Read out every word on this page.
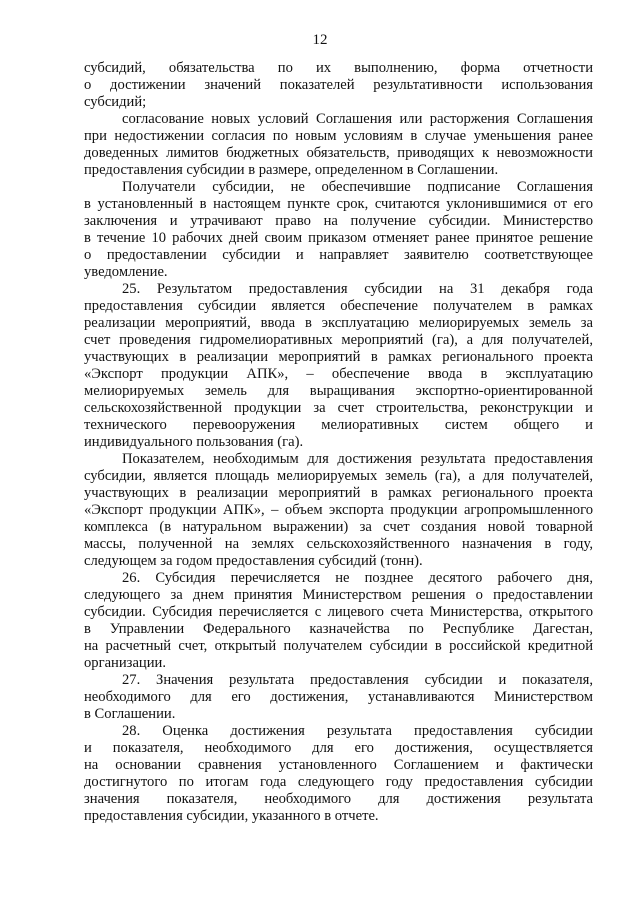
12

субсидий, обязательства по их выполнению, форма отчетности

о достижении значений показателей результативности использования

субсидий;

согласование новых условий Соглашения или расторжения Соглашения

при недостижении согласия по новым условиям в случае уменьшения ранее

доведенных лимитов бюджетных обязательств, приводящих к невозможности

предоставления субсидии в размере, определенном в Соглашении.

Получатели субсидии, не обеспечившие подписание Соглашения

в установленный в настоящем пункте срок, считаются уклонившимися от его

заключения и утрачивают право на получение субсидии. Министерство

в течение 10 рабочих дней своим приказом отменяет ранее принятое решение

о предоставлении субсидии и направляет заявителю соответствующее

уведомление.

25. Результатом предоставления субсидии на 31 декабря года

предоставления субсидии является обеспечение получателем в рамках

реализации мероприятий, ввода в эксплуатацию мелиорируемых земель за

счет проведения гидромелиоративных мероприятий (га), а для получателей,

участвующих в реализации мероприятий в рамках регионального проекта

«Экспорт продукции АПК», – обеспечение ввода в эксплуатацию

мелиорируемых земель для выращивания экспортно-ориентированной

сельскохозяйственной продукции за счет строительства, реконструкции и

технического перевооружения мелиоративных систем общего и

индивидуального пользования (га).

Показателем, необходимым для достижения результата предоставления

субсидии, является площадь мелиорируемых земель (га), а для получателей,

участвующих в реализации мероприятий в рамках регионального проекта

«Экспорт продукции АПК», – объем экспорта продукции агропромышленного

комплекса (в натуральном выражении) за счет создания новой товарной

массы, полученной на землях сельскохозяйственного назначения в году,

следующем за годом предоставления субсидий (тонн).

26. Субсидия перечисляется не позднее десятого рабочего дня,

следующего за днем принятия Министерством решения о предоставлении

субсидии. Субсидия перечисляется с лицевого счета Министерства, открытого

в Управлении Федерального казначейства по Республике Дагестан,

на расчетный счет, открытый получателем субсидии в российской кредитной

организации.

27. Значения результата предоставления субсидии и показателя,

необходимого для его достижения, устанавливаются Министерством

в Соглашении.

28. Оценка достижения результата предоставления субсидии

и показателя, необходимого для его достижения, осуществляется

на основании сравнения установленного Соглашением и фактически

достигнутого по итогам года следующего году предоставления субсидии

значения показателя, необходимого для достижения результата

предоставления субсидии, указанного в отчете.
